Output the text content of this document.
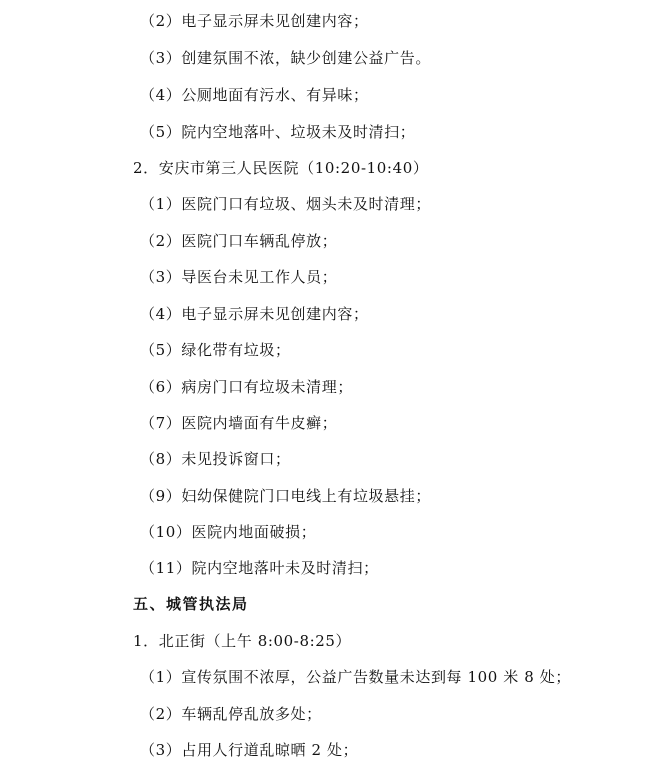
（2）电子显示屏未见创建内容；
（3）创建氛围不浓，缺少创建公益广告。
（4）公厕地面有污水、有异味；
（5）院内空地落叶、垃圾未及时清扫；
2．安庆市第三人民医院（10:20-10:40）
（1）医院门口有垃圾、烟头未及时清理；
（2）医院门口车辆乱停放；
（3）导医台未见工作人员；
（4）电子显示屏未见创建内容；
（5）绿化带有垃圾；
（6）病房门口有垃圾未清理；
（7）医院内墙面有牛皮癣；
（8）未见投诉窗口；
（9）妇幼保健院门口电线上有垃圾悬挂；
（10）医院内地面破损；
（11）院内空地落叶未及时清扫；
五、城管执法局
1．北正街（上午 8:00-8:25）
（1）宣传氛围不浓厚，公益广告数量未达到每 100 米 8 处；
（2）车辆乱停乱放多处；
（3）占用人行道乱晾晒 2 处；
